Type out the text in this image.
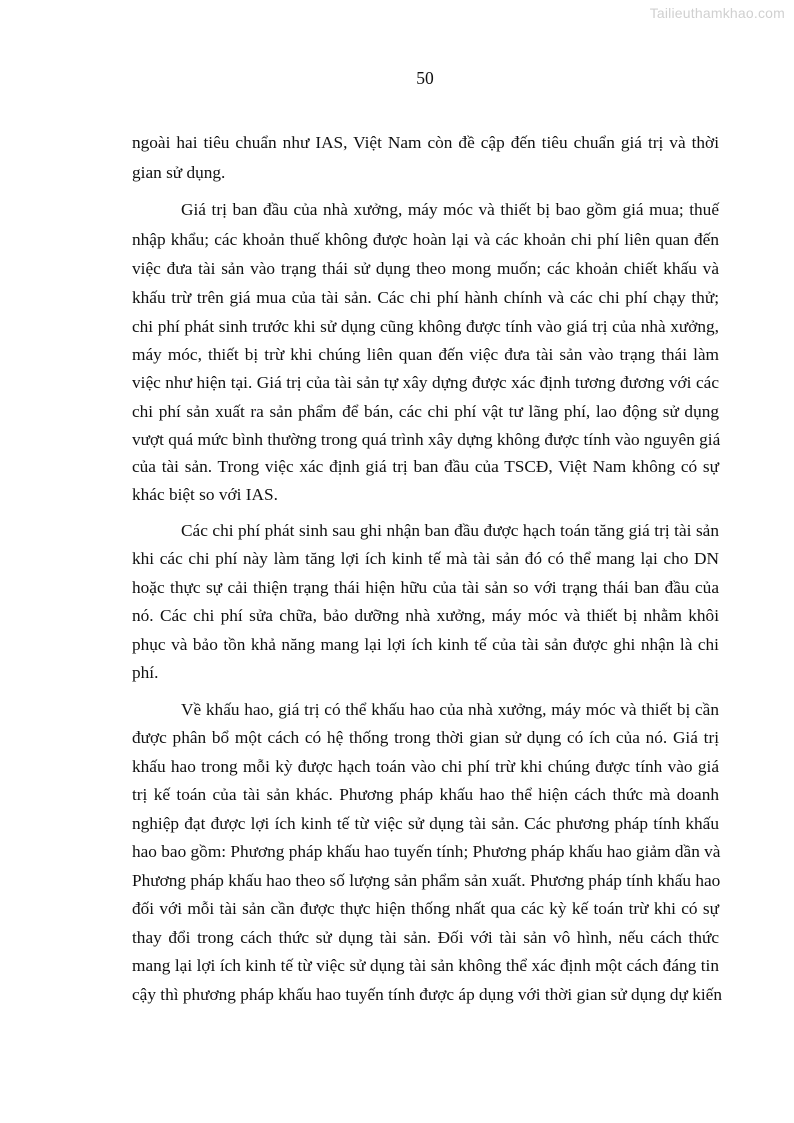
Tailieuthamkhao.com
50
ngoài hai tiêu chuẩn như IAS, Việt Nam còn đề cập đến tiêu chuẩn giá trị và thời
gian sử dụng.
Giá trị ban đầu của nhà xưởng, máy móc và thiết bị bao gồm giá mua; thuế
nhập khẩu; các khoản thuế không được hoàn lại và các khoản chi phí liên quan đến
việc đưa tài sản vào trạng thái sử dụng theo mong muốn; các khoản chiết khấu và
khấu trừ trên giá mua của tài sản. Các chi phí hành chính và các chi phí chạy thử;
chi phí phát sinh trước khi sử dụng cũng không được tính vào giá trị của nhà xưởng,
máy móc, thiết bị trừ khi chúng liên quan đến việc đưa tài sản vào trạng thái làm
việc như hiện tại. Giá trị của tài sản tự xây dựng được xác định tương đương với các
chi phí sản xuất ra sản phẩm để bán, các chi phí vật tư lãng phí, lao động sử dụng
vượt quá mức bình thường trong quá trình xây dựng không được tính vào nguyên giá
của tài sản. Trong việc xác định giá trị ban đầu của TSCĐ, Việt Nam không có sự
khác biệt so với IAS.
Các chi phí phát sinh sau ghi nhận ban đầu được hạch toán tăng giá trị tài sản
khi các chi phí này làm tăng lợi ích kinh tế mà tài sản đó có thể mang lại cho DN
hoặc thực sự cải thiện trạng thái hiện hữu của tài sản so với trạng thái ban đầu của
nó. Các chi phí sửa chữa, bảo dưỡng nhà xưởng, máy móc và thiết bị nhằm khôi
phục và bảo tồn khả năng mang lại lợi ích kinh tế của tài sản được ghi nhận là chi
phí.
Về khấu hao, giá trị có thể khấu hao của nhà xưởng, máy móc và thiết bị cần
được phân bổ một cách có hệ thống trong thời gian sử dụng có ích của nó. Giá trị
khấu hao trong mỗi kỳ được hạch toán vào chi phí trừ khi chúng được tính vào giá
trị kế toán của tài sản khác. Phương pháp khấu hao thể hiện cách thức mà doanh
nghiệp đạt được lợi ích kinh tế từ việc sử dụng tài sản. Các phương pháp tính khấu
hao bao gồm: Phương pháp khấu hao tuyến tính; Phương pháp khấu hao giảm dần và
Phương pháp khấu hao theo số lượng sản phẩm sản xuất. Phương pháp tính khấu hao
đối với mỗi tài sản cần được thực hiện thống nhất qua các kỳ kế toán trừ khi có sự
thay đổi trong cách thức sử dụng tài sản. Đối với tài sản vô hình, nếu cách thức
mang lại lợi ích kinh tế từ việc sử dụng tài sản không thể xác định một cách đáng tin
cậy thì phương pháp khấu hao tuyến tính được áp dụng với thời gian sử dụng dự kiến
